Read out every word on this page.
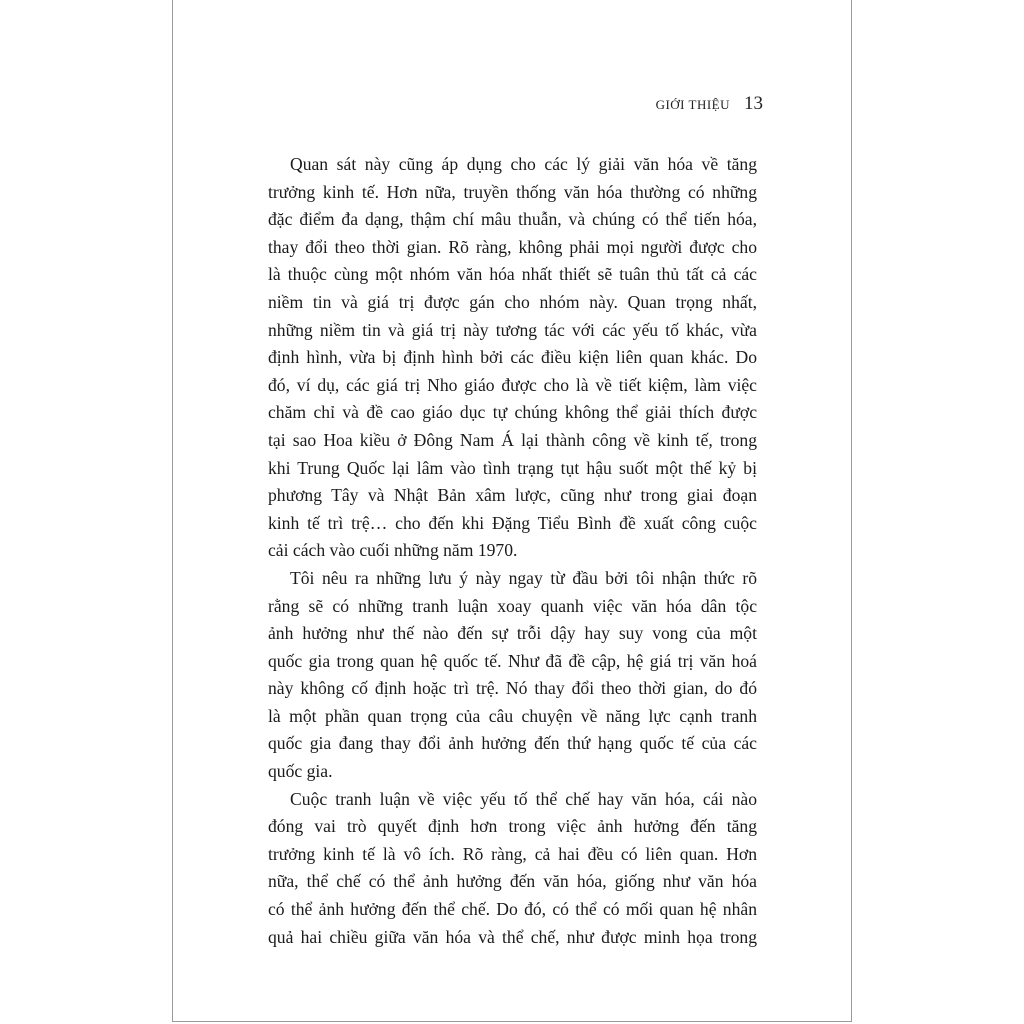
GIỚI THIỆU 13
Quan sát này cũng áp dụng cho các lý giải văn hóa về tăng
trưởng kinh tế. Hơn nữa, truyền thống văn hóa thường có những
đặc điểm đa dạng, thậm chí mâu thuẫn, và chúng có thể tiến hóa,
thay đổi theo thời gian. Rõ ràng, không phải mọi người được cho
là thuộc cùng một nhóm văn hóa nhất thiết sẽ tuân thủ tất cả các
niềm tin và giá trị được gán cho nhóm này. Quan trọng nhất,
những niềm tin và giá trị này tương tác với các yếu tố khác, vừa
định hình, vừa bị định hình bởi các điều kiện liên quan khác. Do
đó, ví dụ, các giá trị Nho giáo được cho là về tiết kiệm, làm việc
chăm chỉ và đề cao giáo dục tự chúng không thể giải thích được
tại sao Hoa kiều ở Đông Nam Á lại thành công về kinh tế, trong
khi Trung Quốc lại lâm vào tình trạng tụt hậu suốt một thế kỷ bị
phương Tây và Nhật Bản xâm lược, cũng như trong giai đoạn
kinh tế trì trệ… cho đến khi Đặng Tiểu Bình đề xuất công cuộc
cải cách vào cuối những năm 1970.
Tôi nêu ra những lưu ý này ngay từ đầu bởi tôi nhận thức rõ
rằng sẽ có những tranh luận xoay quanh việc văn hóa dân tộc
ảnh hưởng như thế nào đến sự trỗi dậy hay suy vong của một
quốc gia trong quan hệ quốc tế. Như đã đề cập, hệ giá trị văn hoá
này không cố định hoặc trì trệ. Nó thay đổi theo thời gian, do đó
là một phần quan trọng của câu chuyện về năng lực cạnh tranh
quốc gia đang thay đổi ảnh hưởng đến thứ hạng quốc tế của các
quốc gia.
Cuộc tranh luận về việc yếu tố thể chế hay văn hóa, cái nào
đóng vai trò quyết định hơn trong việc ảnh hưởng đến tăng
trưởng kinh tế là vô ích. Rõ ràng, cả hai đều có liên quan. Hơn
nữa, thể chế có thể ảnh hưởng đến văn hóa, giống như văn hóa
có thể ảnh hưởng đến thể chế. Do đó, có thể có mối quan hệ nhân
quả hai chiều giữa văn hóa và thể chế, như được minh họa trong
